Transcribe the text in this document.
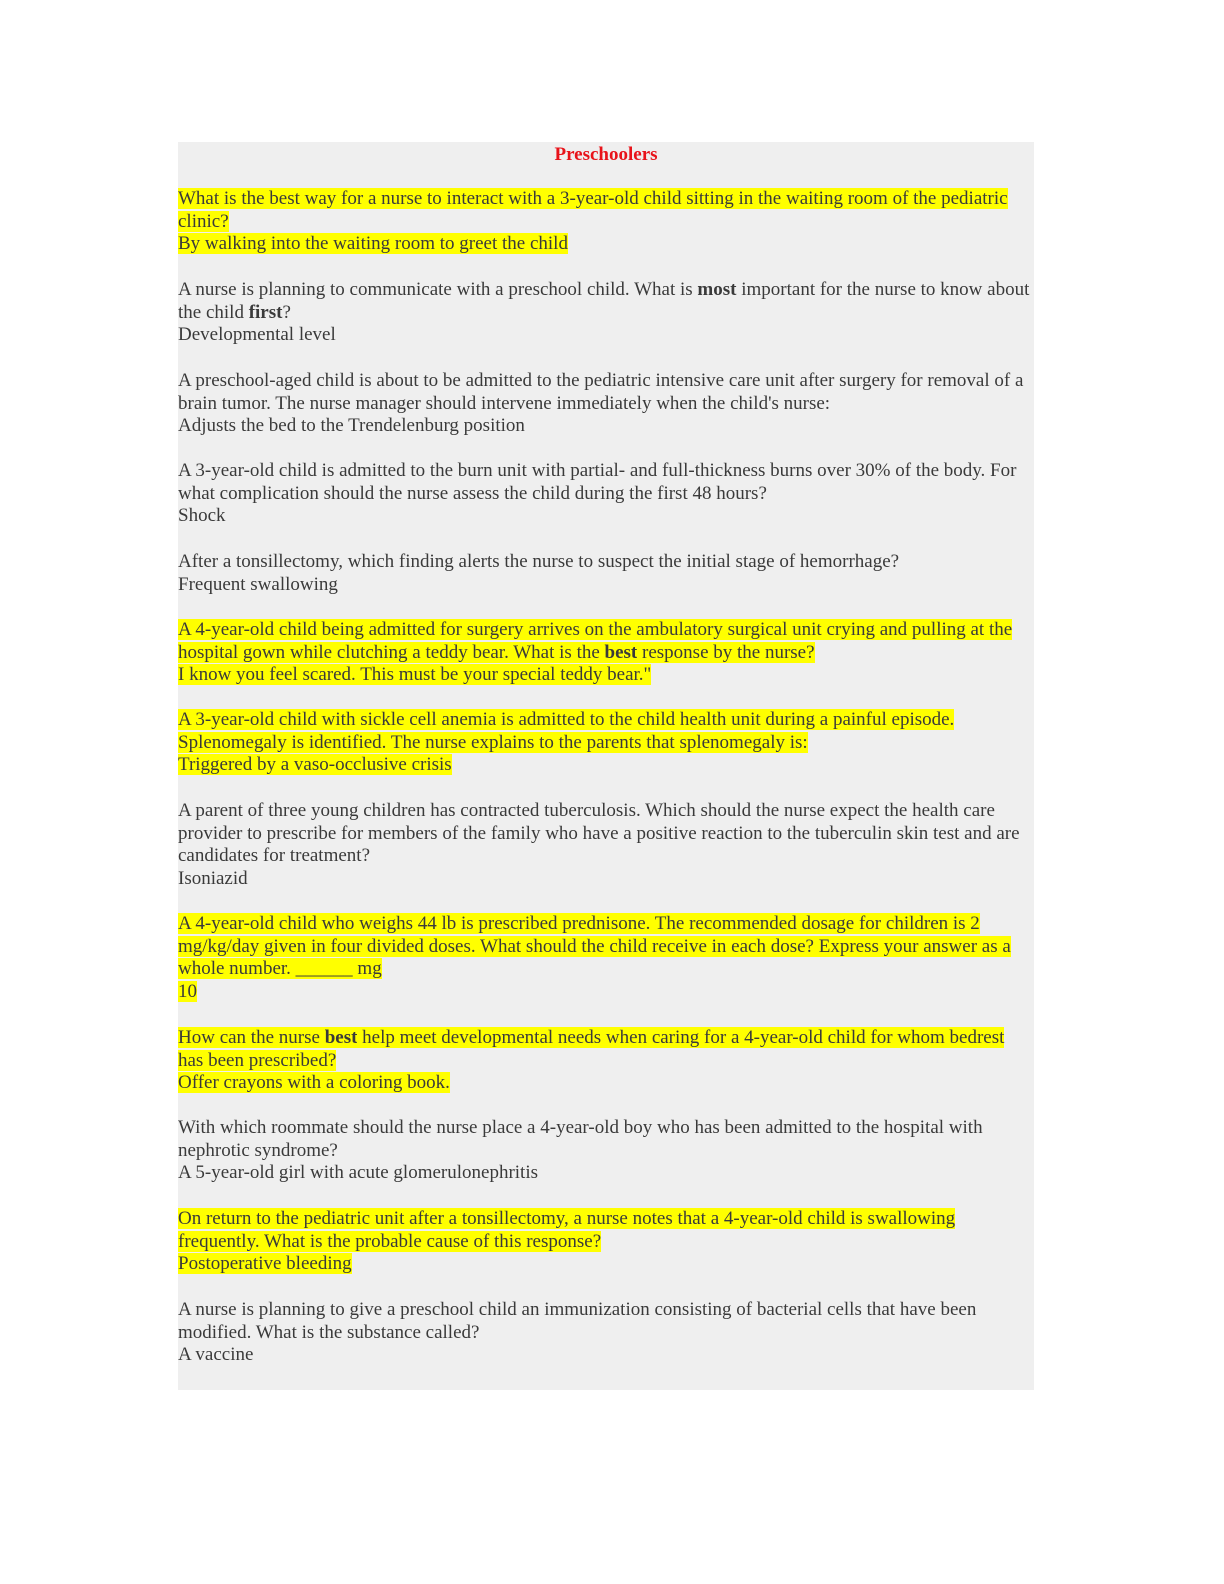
Preschoolers

What is the best way for a nurse to interact with a 3-year-old child sitting in the waiting room of the pediatric clinic?

By walking into the waiting room to greet the child

A nurse is planning to communicate with a preschool child. What is most important for the nurse to know about the child first?

Developmental level

A preschool-aged child is about to be admitted to the pediatric intensive care unit after surgery for removal of a brain tumor. The nurse manager should intervene immediately when the child's nurse:

Adjusts the bed to the Trendelenburg position

A 3-year-old child is admitted to the burn unit with partial- and full-thickness burns over 30% of the body. For what complication should the nurse assess the child during the first 48 hours?

Shock

After a tonsillectomy, which finding alerts the nurse to suspect the initial stage of hemorrhage?

Frequent swallowing

A 4-year-old child being admitted for surgery arrives on the ambulatory surgical unit crying and pulling at the hospital gown while clutching a teddy bear. What is the best response by the nurse?

I know you feel scared. This must be your special teddy bear."

A 3-year-old child with sickle cell anemia is admitted to the child health unit during a painful episode. Splenomegaly is identified. The nurse explains to the parents that splenomegaly is:

Triggered by a vaso-occlusive crisis

A parent of three young children has contracted tuberculosis. Which should the nurse expect the health care provider to prescribe for members of the family who have a positive reaction to the tuberculin skin test and are candidates for treatment?

Isoniazid

A 4-year-old child who weighs 44 lb is prescribed prednisone. The recommended dosage for children is 2 mg/kg/day given in four divided doses. What should the child receive in each dose? Express your answer as a whole number. ______ mg

10

How can the nurse best help meet developmental needs when caring for a 4-year-old child for whom bedrest has been prescribed?

Offer crayons with a coloring book.

With which roommate should the nurse place a 4-year-old boy who has been admitted to the hospital with nephrotic syndrome?

A 5-year-old girl with acute glomerulonephritis

On return to the pediatric unit after a tonsillectomy, a nurse notes that a 4-year-old child is swallowing frequently. What is the probable cause of this response?

Postoperative bleeding

A nurse is planning to give a preschool child an immunization consisting of bacterial cells that have been modified. What is the substance called?

A vaccine
